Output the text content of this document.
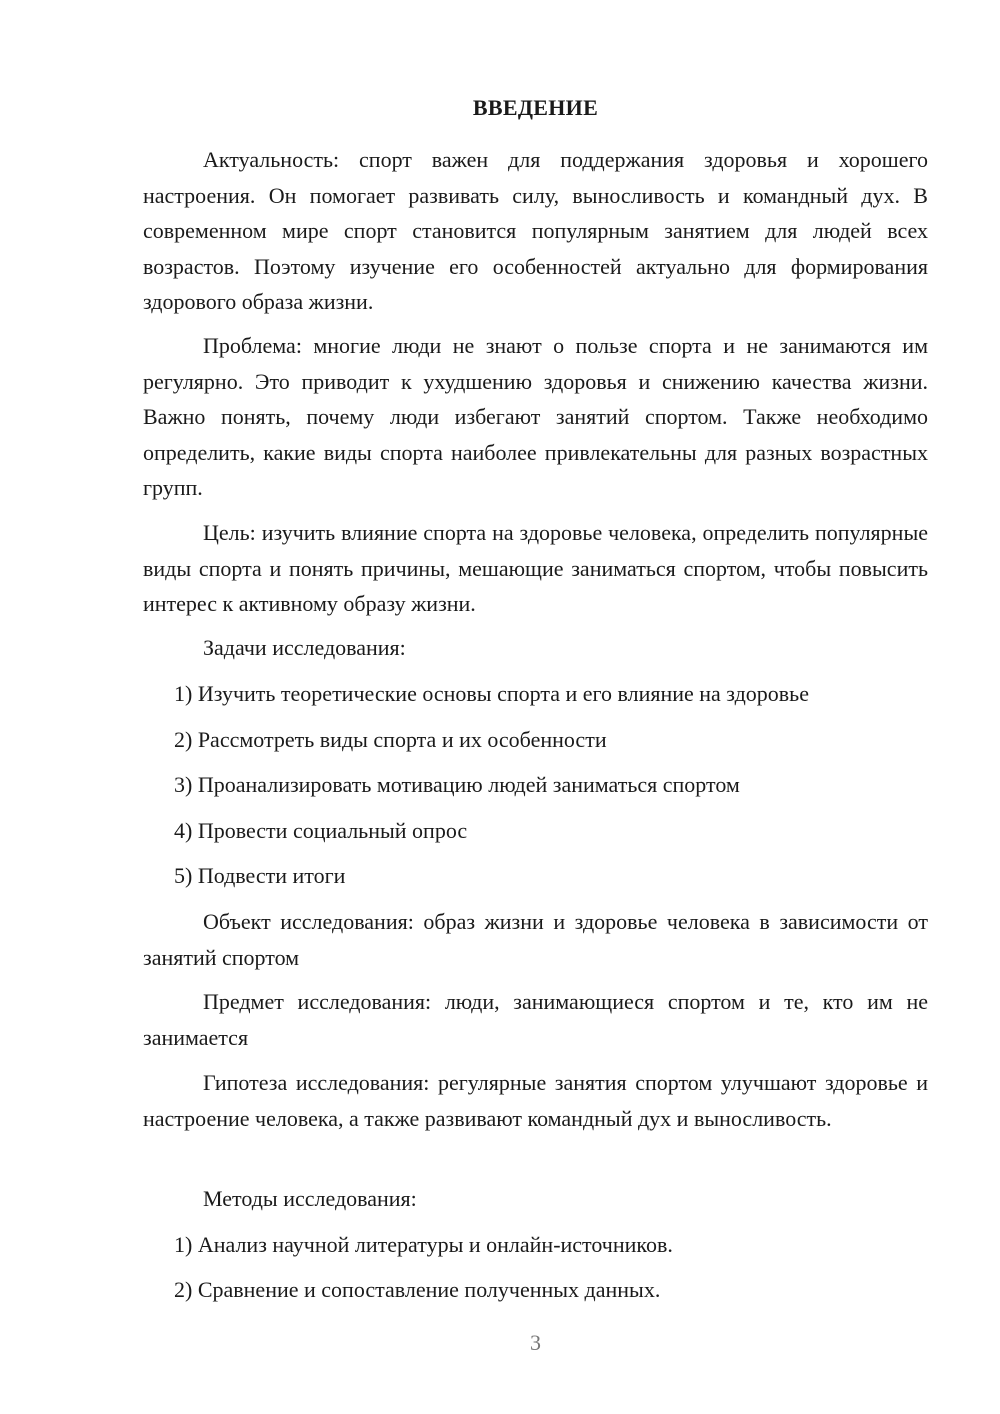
ВВЕДЕНИЕ

Актуальность: спорт важен для поддержания здоровья и хорошего настроения. Он помогает развивать силу, выносливость и командный дух. В современном мире спорт становится популярным занятием для людей всех возрастов. Поэтому изучение его особенностей актуально для формирования здорового образа жизни.

Проблема: многие люди не знают о пользе спорта и не занимаются им регулярно. Это приводит к ухудшению здоровья и снижению качества жизни. Важно понять, почему люди избегают занятий спортом. Также необходимо определить, какие виды спорта наиболее привлекательны для разных возрастных групп.

Цель: изучить влияние спорта на здоровье человека, определить популярные виды спорта и понять причины, мешающие заниматься спортом, чтобы повысить интерес к активному образу жизни.

Задачи исследования:

1) Изучить теоретические основы спорта и его влияние на здоровье

2) Рассмотреть виды спорта и их особенности

3) Проанализировать мотивацию людей заниматься спортом

4) Провести социальный опрос

5) Подвести итоги

Объект исследования: образ жизни и здоровье человека в зависимости от занятий спортом

Предмет исследования: люди, занимающиеся спортом и те, кто им не занимается

Гипотеза исследования: регулярные занятия спортом улучшают здоровье и настроение человека, а также развивают командный дух и выносливость.

Методы исследования:

1) Анализ научной литературы и онлайн-источников.

2) Сравнение и сопоставление полученных данных.

3
